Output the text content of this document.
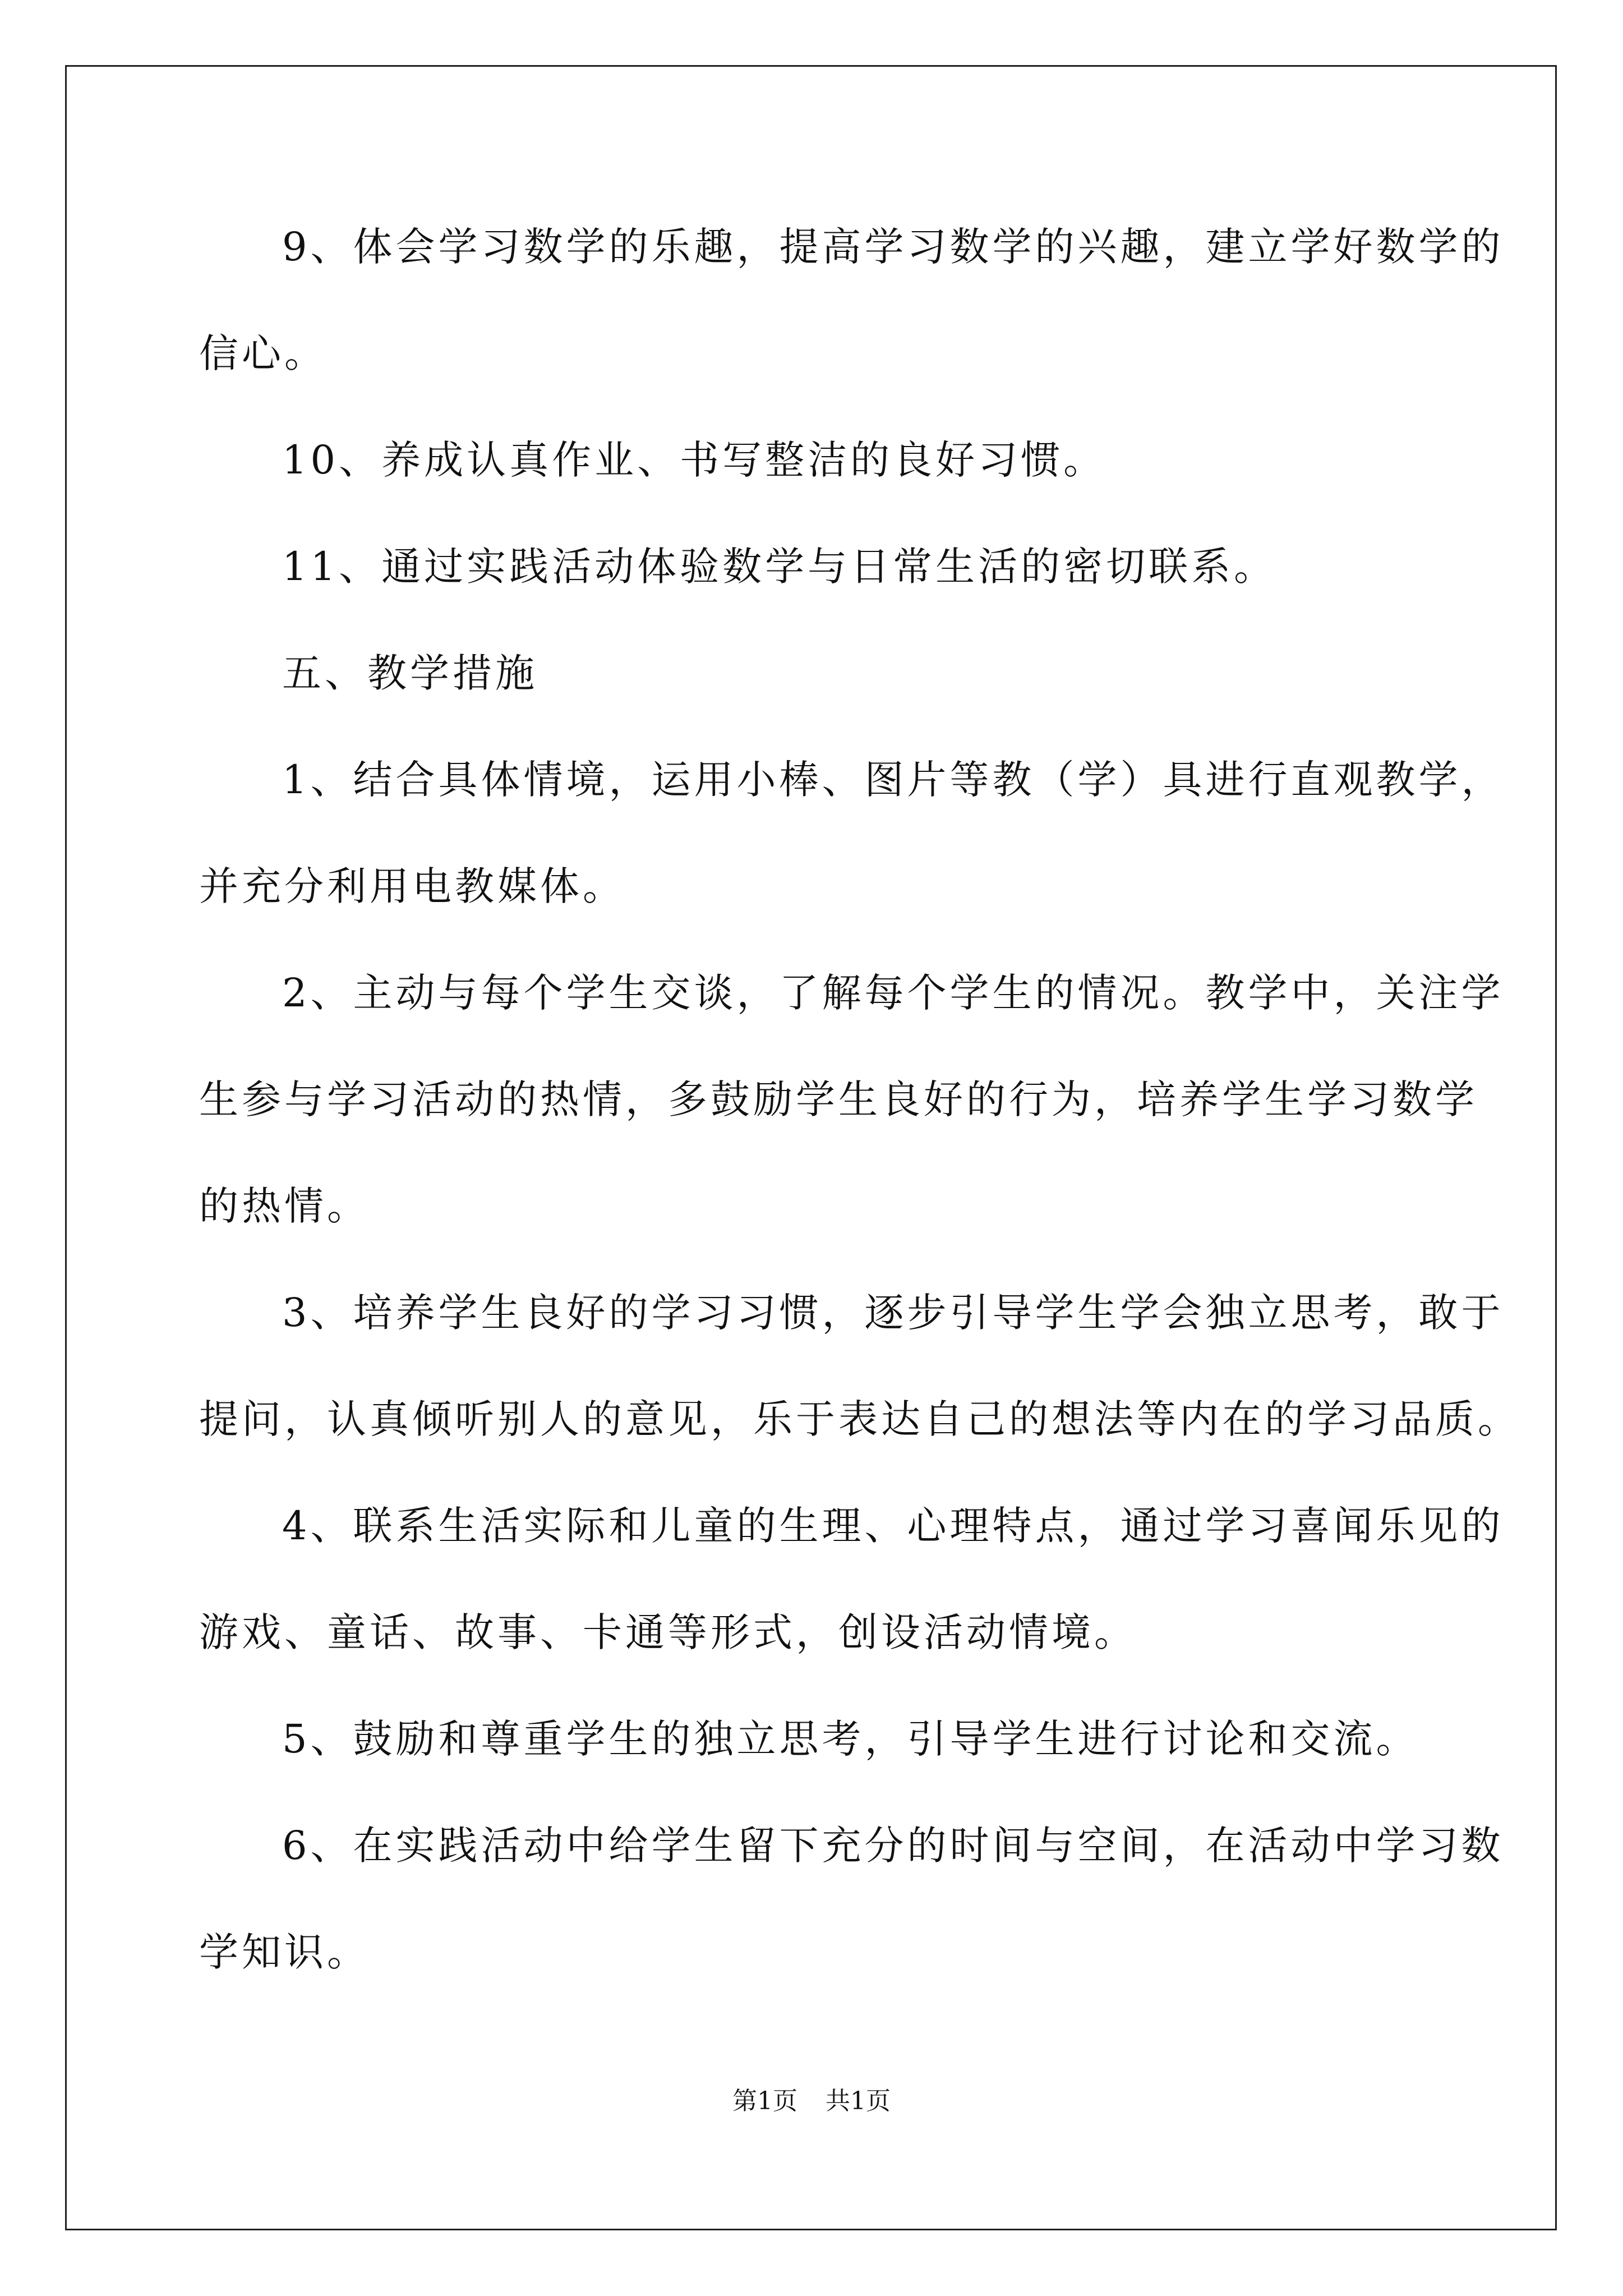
9、体会学习数学的乐趣，提高学习数学的兴趣，建立学好数学的
信心。
10、养成认真作业、书写整洁的良好习惯。
11、通过实践活动体验数学与日常生活的密切联系。
五、教学措施
1、结合具体情境，运用小棒、图片等教（学）具进行直观教学，
并充分利用电教媒体。
2、主动与每个学生交谈，了解每个学生的情况。教学中，关注学
生参与学习活动的热情，多鼓励学生良好的行为，培养学生学习数学
的热情。
3、培养学生良好的学习习惯，逐步引导学生学会独立思考，敢于
提问，认真倾听别人的意见，乐于表达自己的想法等内在的学习品质。
4、联系生活实际和儿童的生理、心理特点，通过学习喜闻乐见的
游戏、童话、故事、卡通等形式，创设活动情境。
5、鼓励和尊重学生的独立思考，引导学生进行讨论和交流。
6、在实践活动中给学生留下充分的时间与空间，在活动中学习数
学知识。
第1页 共1页
